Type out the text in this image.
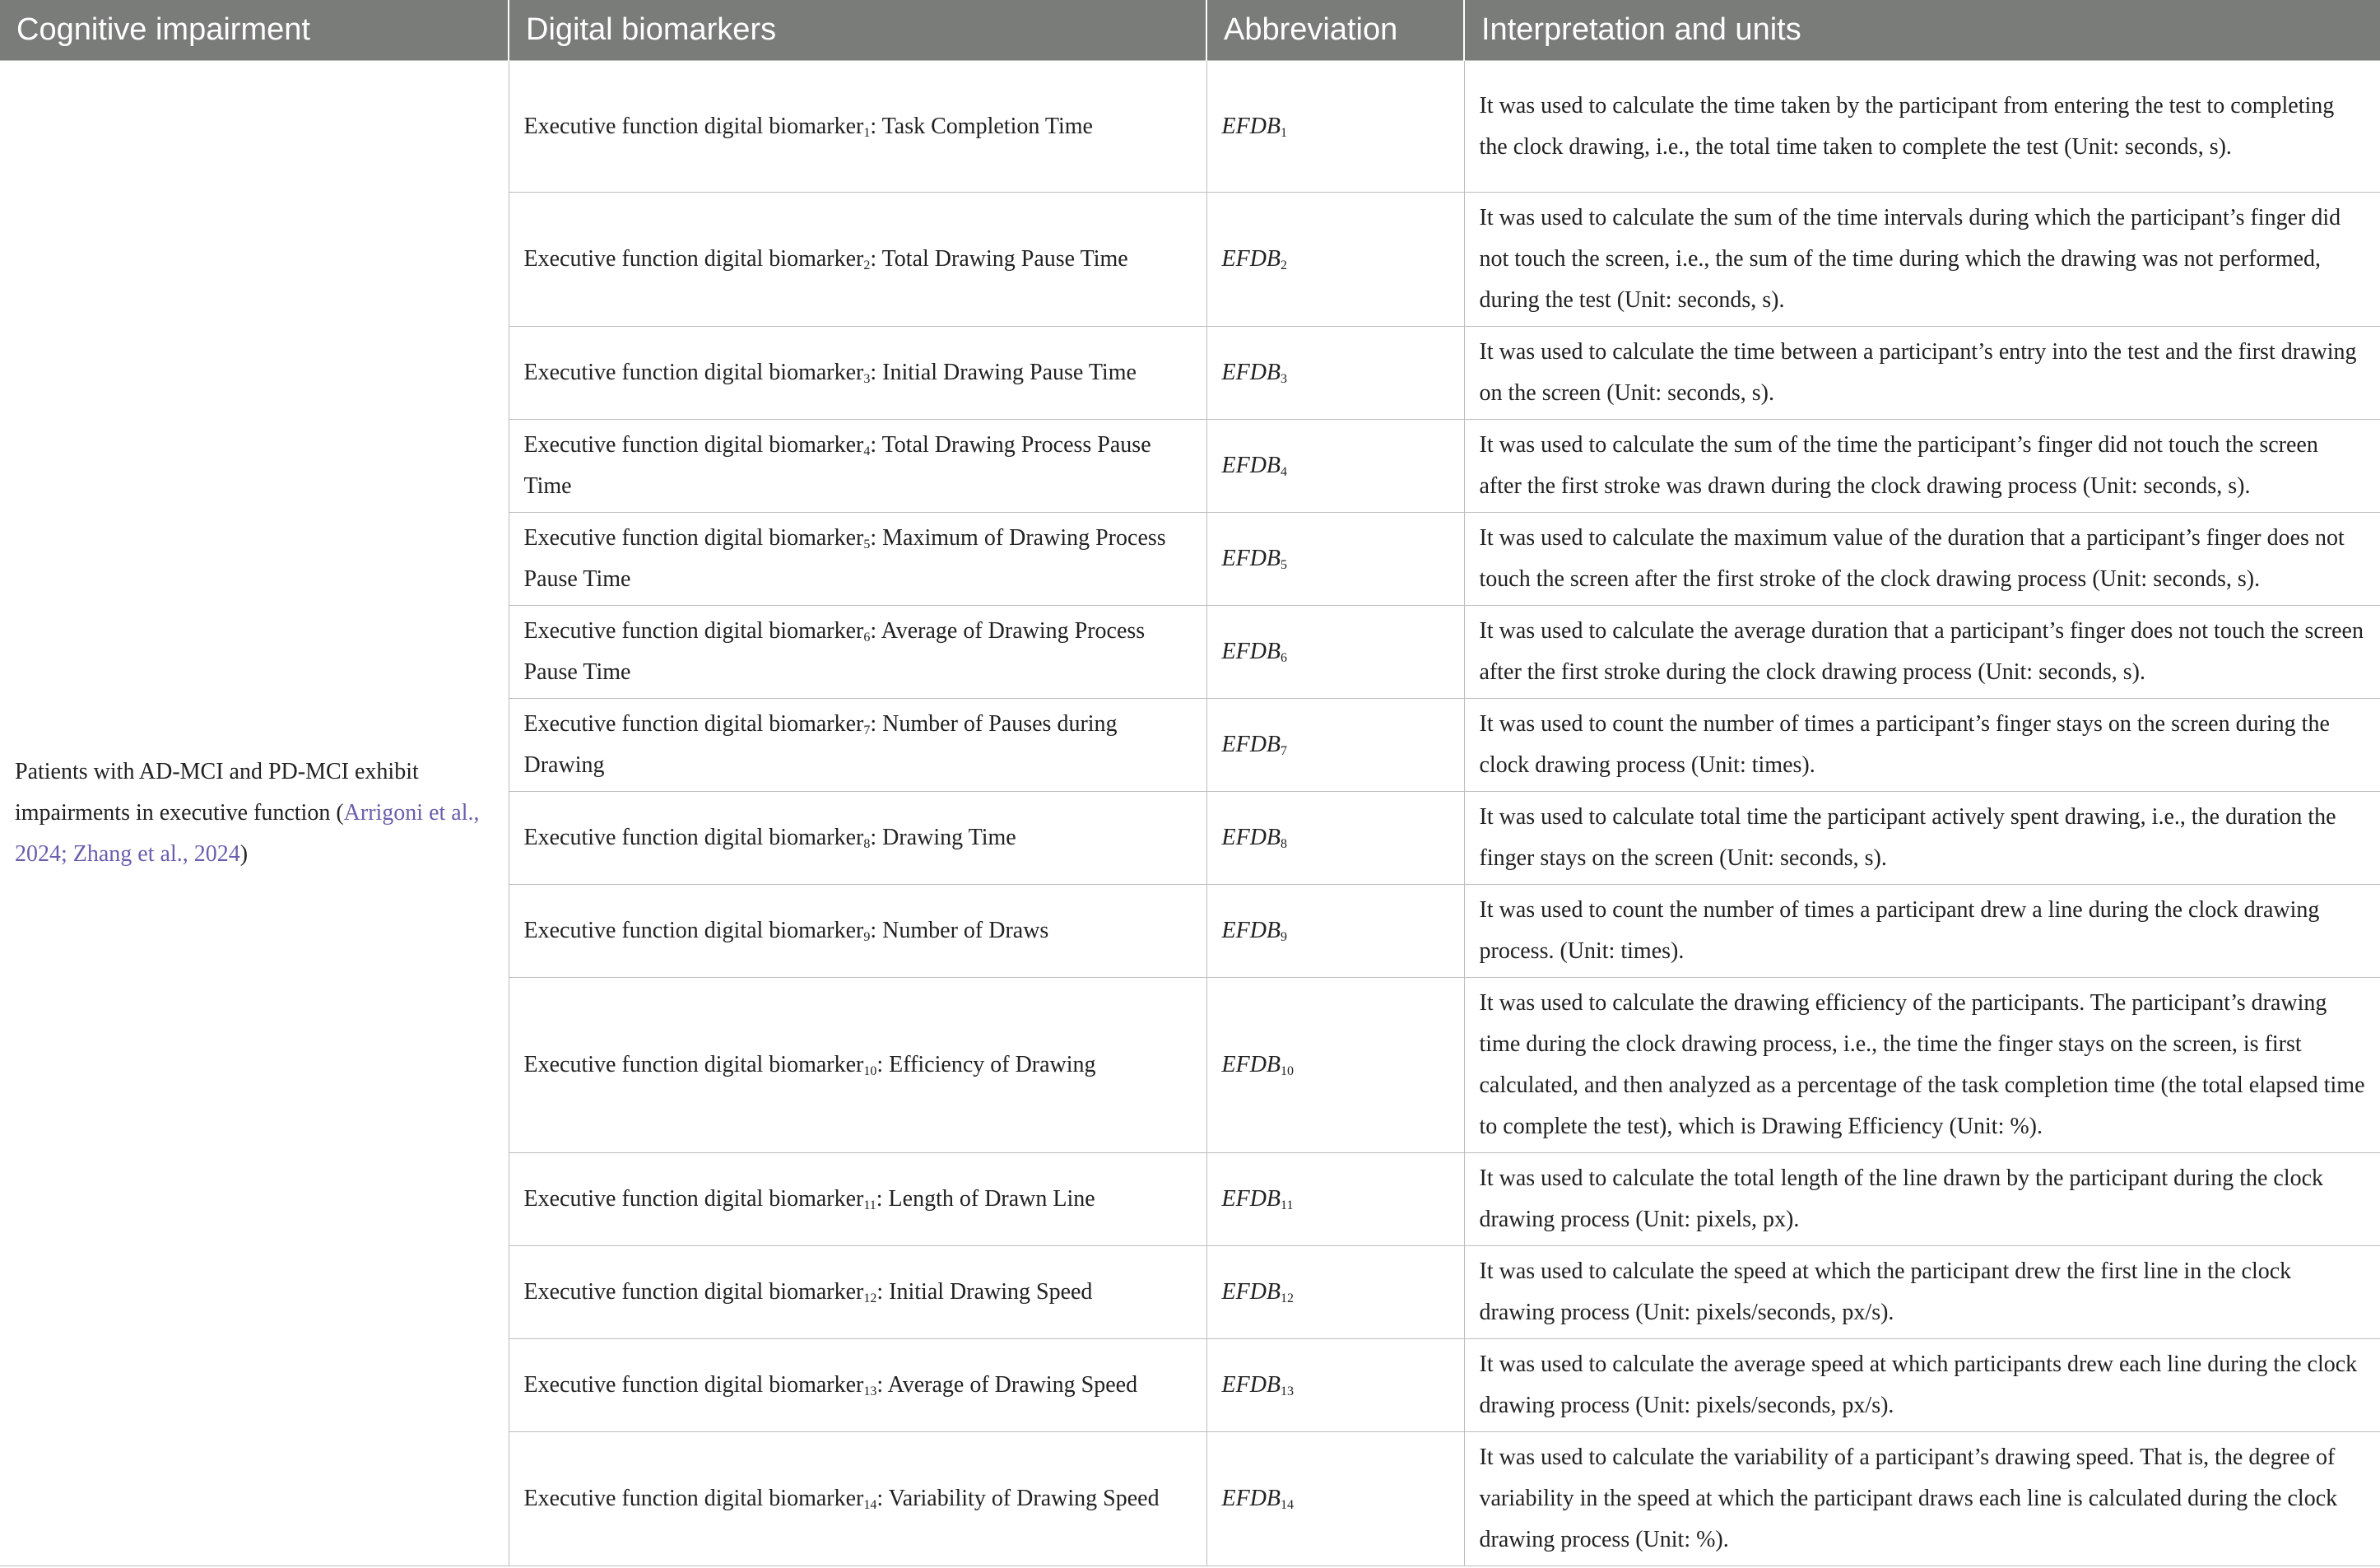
Cognitive impairment	Digital biomarkers	Abbreviation	Interpretation and units
Patients with AD-MCI and PD-MCI exhibit impairments in executive function (Arrigoni et al., 2024; Zhang et al., 2024)	Executive function digital biomarker$_1$: Task Completion Time	$EFDB_1$	It was used to calculate the time taken by the participant from entering the test to completing the clock drawing, i.e., the total time taken to complete the test (Unit: seconds, s).
	Executive function digital biomarker$_2$: Total Drawing Pause Time	$EFDB_2$	It was used to calculate the sum of the time intervals during which the participant’s finger did not touch the screen, i.e., the sum of the time during which the drawing was not performed, during the test (Unit: seconds, s).
	Executive function digital biomarker$_3$: Initial Drawing Pause Time	$EFDB_3$	It was used to calculate the time between a participant’s entry into the test and the first drawing on the screen (Unit: seconds, s).
	Executive function digital biomarker$_4$: Total Drawing Process Pause Time	$EFDB_4$	It was used to calculate the sum of the time the participant’s finger did not touch the screen after the first stroke was drawn during the clock drawing process (Unit: seconds, s).
	Executive function digital biomarker$_5$: Maximum of Drawing Process Pause Time	$EFDB_5$	It was used to calculate the maximum value of the duration that a participant’s finger does not touch the screen after the first stroke of the clock drawing process (Unit: seconds, s).
	Executive function digital biomarker$_6$: Average of Drawing Process Pause Time	$EFDB_6$	It was used to calculate the average duration that a participant’s finger does not touch the screen after the first stroke during the clock drawing process (Unit: seconds, s).
	Executive function digital biomarker$_7$: Number of Pauses during Drawing	$EFDB_7$	It was used to count the number of times a participant’s finger stays on the screen during the clock drawing process (Unit: times).
	Executive function digital biomarker$_8$: Drawing Time	$EFDB_8$	It was used to calculate total time the participant actively spent drawing, i.e., the duration the finger stays on the screen (Unit: seconds, s).
	Executive function digital biomarker$_9$: Number of Draws	$EFDB_9$	It was used to count the number of times a participant drew a line during the clock drawing process. (Unit: times).
	Executive function digital biomarker$_{10}$: Efficiency of Drawing	$EFDB_{10}$	It was used to calculate the drawing efficiency of the participants. The participant’s drawing time during the clock drawing process, i.e., the time the finger stays on the screen, is first calculated, and then analyzed as a percentage of the task completion time (the total elapsed time to complete the test), which is Drawing Efficiency (Unit: %).
	Executive function digital biomarker$_{11}$: Length of Drawn Line	$EFDB_{11}$	It was used to calculate the total length of the line drawn by the participant during the clock drawing process (Unit: pixels, px).
	Executive function digital biomarker$_{12}$: Initial Drawing Speed	$EFDB_{12}$	It was used to calculate the speed at which the participant drew the first line in the clock drawing process (Unit: pixels/seconds, px/s).
	Executive function digital biomarker$_{13}$: Average of Drawing Speed	$EFDB_{13}$	It was used to calculate the average speed at which participants drew each line during the clock drawing process (Unit: pixels/seconds, px/s).
	Executive function digital biomarker$_{14}$: Variability of Drawing Speed	$EFDB_{14}$	It was used to calculate the variability of a participant’s drawing speed. That is, the degree of variability in the speed at which the participant draws each line is calculated during the clock drawing process (Unit: %).
